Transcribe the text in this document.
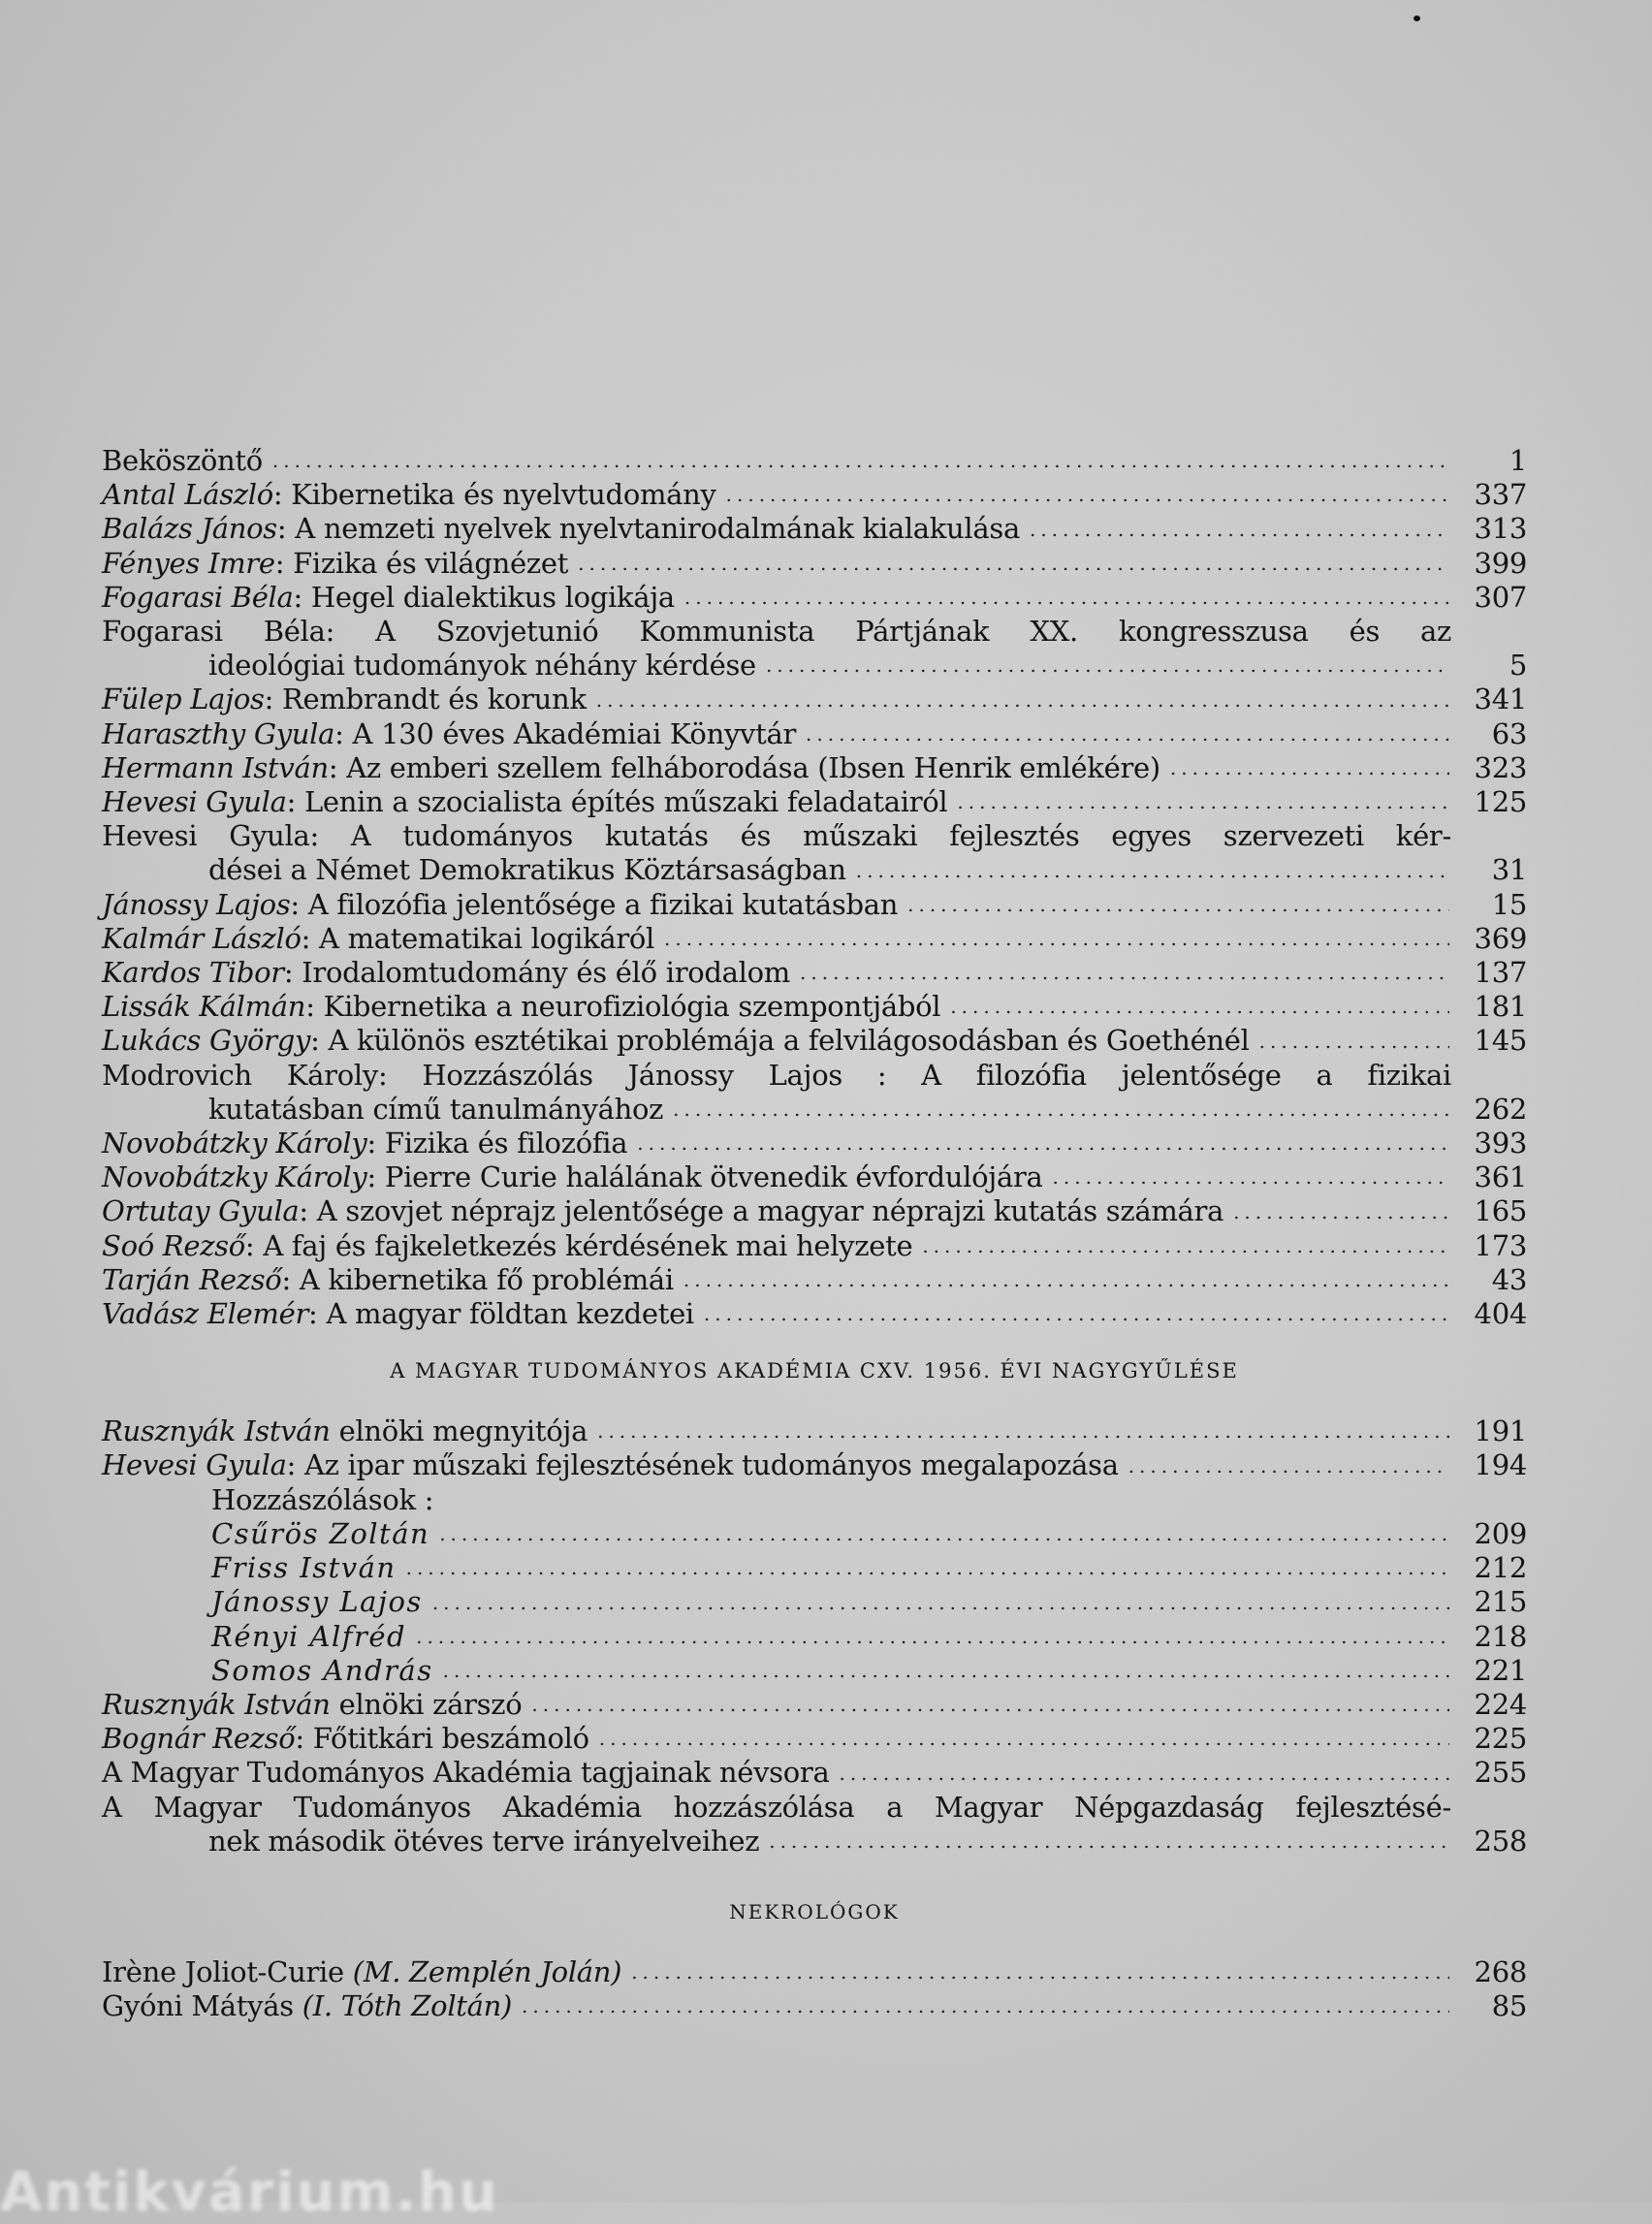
Beköszöntő .....	1
Antal László: Kibernetika és nyelvtudomány .....	337
Balázs János: A nemzeti nyelvek nyelvtanirodalmának kialakulása .....	313
Fényes Imre: Fizika és világnézet .....	399
Fogarasi Béla: Hegel dialektikus logikája .....	307
Fogarasi Béla: A Szovjetunió Kommunista Pártjának XX. kongresszusa és az
ideológiai tudományok néhány kérdése .....	5
Fülep Lajos: Rembrandt és korunk .....	341
Haraszthy Gyula: A 130 éves Akadémiai Könyvtár .....	63
Hermann István: Az emberi szellem felháborodása (Ibsen Henrik emlékére) .....	323
Hevesi Gyula: Lenin a szocialista építés műszaki feladatairól .....	125
Hevesi Gyula: A tudományos kutatás és műszaki fejlesztés egyes szervezeti kér-
dései a Német Demokratikus Köztársaságban .....	31
Jánossy Lajos: A filozófia jelentősége a fizikai kutatásban .....	15
Kalmár László: A matematikai logikáról .....	369
Kardos Tibor: Irodalomtudomány és élő irodalom .....	137
Lissák Kálmán: Kibernetika a neurofiziológia szempontjából .....	181
Lukács György: A különös esztétikai problémája a felvilágosodásban és Goethénél .....	145
Modrovich Károly: Hozzászólás Jánossy Lajos : A filozófia jelentősége a fizikai
kutatásban című tanulmányához .....	262
Novobátzky Károly: Fizika és filozófia .....	393
Novobátzky Károly: Pierre Curie halálának ötvenedik évfordulójára .....	361
Ortutay Gyula: A szovjet néprajz jelentősége a magyar néprajzi kutatás számára .....	165
Soó Rezső: A faj és fajkeletkezés kérdésének mai helyzete .....	173
Tarján Rezső: A kibernetika fő problémái .....	43
Vadász Elemér: A magyar földtan kezdetei .....	404
A MAGYAR TUDOMÁNYOS AKADÉMIA CXV. 1956. ÉVI NAGYGYŰLÉSE
Rusznyák István elnöki megnyitója .....	191
Hevesi Gyula: Az ipar műszaki fejlesztésének tudományos megalapozása .....	194
Hozzászólások :
Csűrös Zoltán .....	209
Friss István .....	212
Jánossy Lajos .....	215
Rényi Alfréd .....	218
Somos András .....	221
Rusznyák István elnöki zárszó .....	224
Bognár Rezső: Főtitkári beszámoló .....	225
A Magyar Tudományos Akadémia tagjainak névsora .....	255
A Magyar Tudományos Akadémia hozzászólása a Magyar Népgazdaság fejlesztésé-
nek második ötéves terve irányelveihez .....	258
NEKROLÓGOK
Irène Joliot-Curie (M. Zemplén Jolán) .....	268
Gyóni Mátyás (I. Tóth Zoltán) .....	85
Antikvárium.hu
